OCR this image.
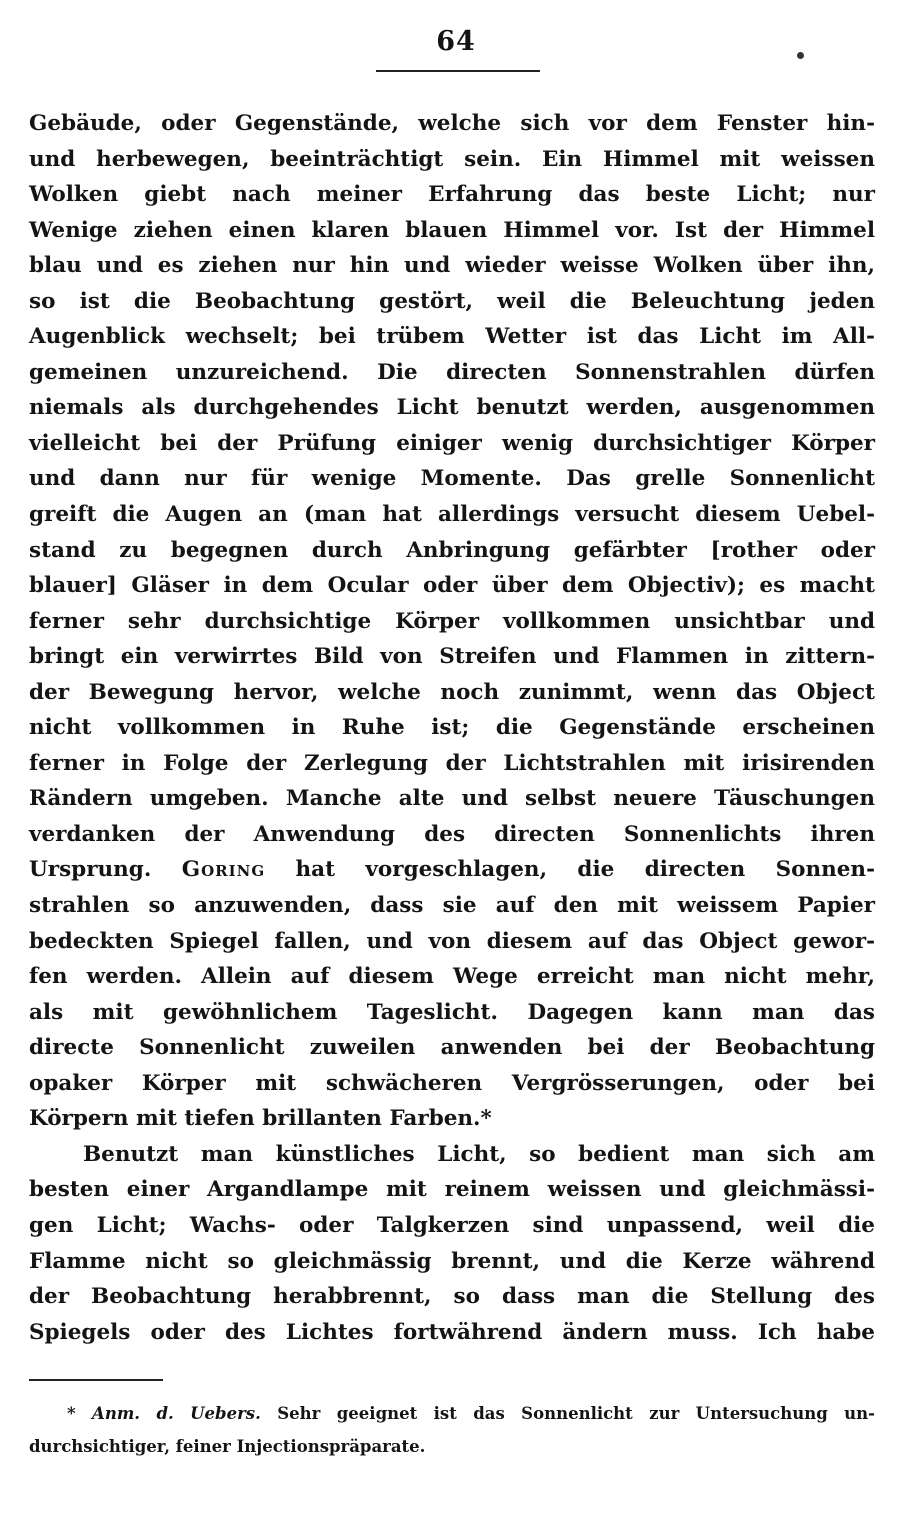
64
Gebäude, oder Gegenstände, welche sich vor dem Fenster hin-
und herbewegen, beeinträchtigt sein. Ein Himmel mit weissen
Wolken giebt nach meiner Erfahrung das beste Licht; nur
Wenige ziehen einen klaren blauen Himmel vor. Ist der Himmel
blau und es ziehen nur hin und wieder weisse Wolken über ihn,
so ist die Beobachtung gestört, weil die Beleuchtung jeden
Augenblick wechselt; bei trübem Wetter ist das Licht im All-
gemeinen unzureichend. Die directen Sonnenstrahlen dürfen
niemals als durchgehendes Licht benutzt werden, ausgenommen
vielleicht bei der Prüfung einiger wenig durchsichtiger Körper
und dann nur für wenige Momente. Das grelle Sonnenlicht
greift die Augen an (man hat allerdings versucht diesem Uebel-
stand zu begegnen durch Anbringung gefärbter [rother oder
blauer] Gläser in dem Ocular oder über dem Objectiv); es macht
ferner sehr durchsichtige Körper vollkommen unsichtbar und
bringt ein verwirrtes Bild von Streifen und Flammen in zittern-
der Bewegung hervor, welche noch zunimmt, wenn das Object
nicht vollkommen in Ruhe ist; die Gegenstände erscheinen
ferner in Folge der Zerlegung der Lichtstrahlen mit irisirenden
Rändern umgeben. Manche alte und selbst neuere Täuschungen
verdanken der Anwendung des directen Sonnenlichts ihren
Ursprung. Goring hat vorgeschlagen, die directen Sonnen-
strahlen so anzuwenden, dass sie auf den mit weissem Papier
bedeckten Spiegel fallen, und von diesem auf das Object gewor-
fen werden. Allein auf diesem Wege erreicht man nicht mehr,
als mit gewöhnlichem Tageslicht. Dagegen kann man das
directe Sonnenlicht zuweilen anwenden bei der Beobachtung
opaker Körper mit schwächeren Vergrösserungen, oder bei
Körpern mit tiefen brillanten Farben.*
Benutzt man künstliches Licht, so bedient man sich am
besten einer Argandlampe mit reinem weissen und gleichmässi-
gen Licht; Wachs- oder Talgkerzen sind unpassend, weil die
Flamme nicht so gleichmässig brennt, und die Kerze während
der Beobachtung herabbrennt, so dass man die Stellung des
Spiegels oder des Lichtes fortwährend ändern muss. Ich habe
* Anm. d. Uebers. Sehr geeignet ist das Sonnenlicht zur Untersuchung un-
durchsichtiger, feiner Injectionspräparate.
